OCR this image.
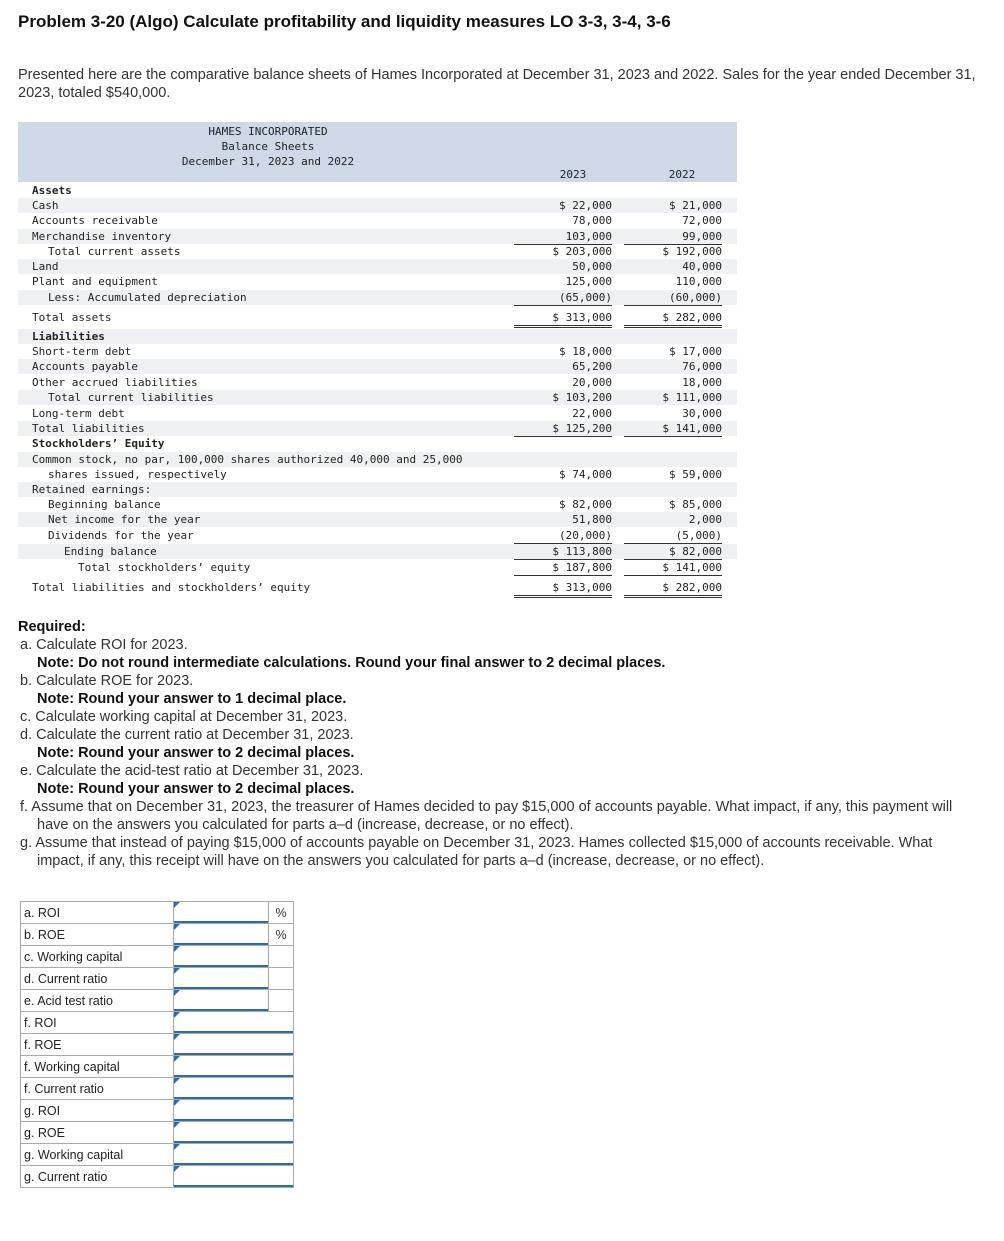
Problem 3-20 (Algo) Calculate profitability and liquidity measures LO 3-3, 3-4, 3-6
Presented here are the comparative balance sheets of Hames Incorporated at December 31, 2023 and 2022. Sales for the year ended December 31, 2023, totaled $540,000.
HAMES INCORPORATED
Balance Sheets
December 31, 2023 and 2022
2023	2022
Assets
Cash	$ 22,000	$ 21,000
Accounts receivable	78,000	72,000
Merchandise inventory	103,000	99,000
Total current assets	$ 203,000	$ 192,000
Land	50,000	40,000
Plant and equipment	125,000	110,000
Less: Accumulated depreciation	(65,000)	(60,000)
Total assets	$ 313,000	$ 282,000
Liabilities
Short-term debt	$ 18,000	$ 17,000
Accounts payable	65,200	76,000
Other accrued liabilities	20,000	18,000
Total current liabilities	$ 103,200	$ 111,000
Long-term debt	22,000	30,000
Total liabilities	$ 125,200	$ 141,000
Stockholders’ Equity
Common stock, no par, 100,000 shares authorized 40,000 and 25,000
shares issued, respectively	$ 74,000	$ 59,000
Retained earnings:
Beginning balance	$ 82,000	$ 85,000
Net income for the year	51,800	2,000
Dividends for the year	(20,000)	(5,000)
Ending balance	$ 113,800	$ 82,000
Total stockholders’ equity	$ 187,800	$ 141,000
Total liabilities and stockholders’ equity	$ 313,000	$ 282,000
Required:
a. Calculate ROI for 2023.
Note: Do not round intermediate calculations. Round your final answer to 2 decimal places.
b. Calculate ROE for 2023.
Note: Round your answer to 1 decimal place.
c. Calculate working capital at December 31, 2023.
d. Calculate the current ratio at December 31, 2023.
Note: Round your answer to 2 decimal places.
e. Calculate the acid-test ratio at December 31, 2023.
Note: Round your answer to 2 decimal places.
f. Assume that on December 31, 2023, the treasurer of Hames decided to pay $15,000 of accounts payable. What impact, if any, this payment will have on the answers you calculated for parts a–d (increase, decrease, or no effect).
g. Assume that instead of paying $15,000 of accounts payable on December 31, 2023. Hames collected $15,000 of accounts receivable. What impact, if any, this receipt will have on the answers you calculated for parts a–d (increase, decrease, or no effect).
a. ROI		%
b. ROE		%
c. Working capital	

d. Current ratio	

e. Acid test ratio	

f. ROI	

f. ROE	

f. Working capital	

f. Current ratio	

g. ROI	

g. ROE	

g. Working capital	

g. Current ratio	
